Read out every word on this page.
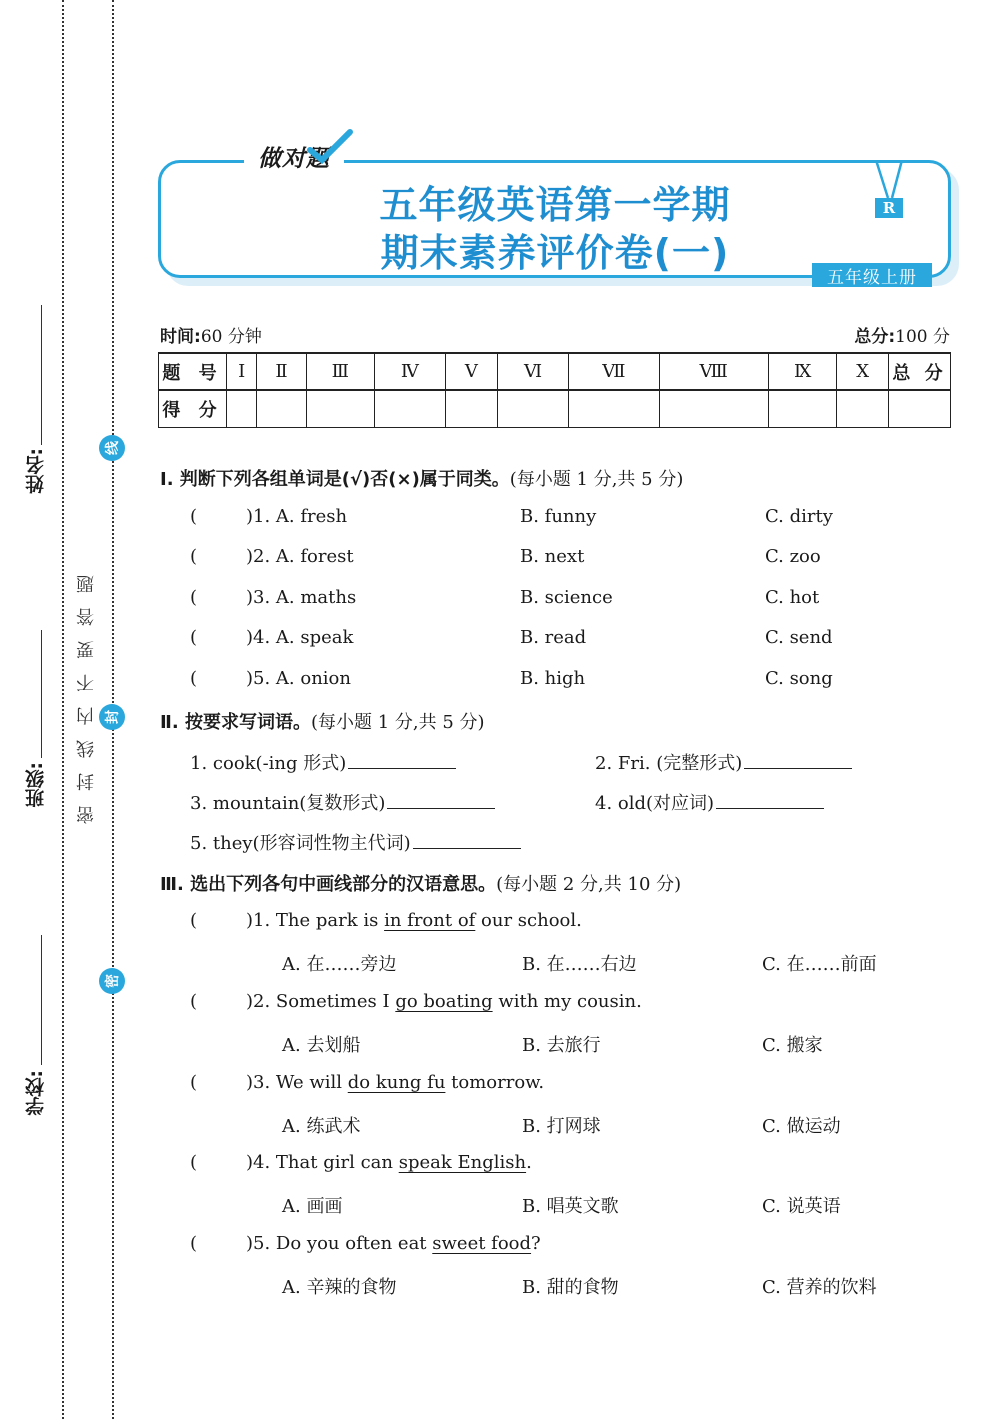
姓名:
班级:
学校:
密封线内不要答题
线
封
密
做对题
五年级英语第一学期
期末素养评价卷(一)
R
五年级上册
时间:60 分钟	总分:100 分
题 号	Ⅰ	Ⅱ	Ⅲ	Ⅳ	Ⅴ	Ⅵ	Ⅶ	Ⅷ	Ⅸ	Ⅹ	总 分
得 分											
Ⅰ. 判断下列各组单词是(√)否(×)属于同类。(每小题 1 分,共 5 分)
(	)1. A. fresh	B. funny	C. dirty
(	)2. A. forest	B. next	C. zoo
(	)3. A. maths	B. science	C. hot
(	)4. A. speak	B. read	C. send
(	)5. A. onion	B. high	C. song
Ⅱ. 按要求写词语。(每小题 1 分,共 5 分)
1. cook(-ing 形式)	2. Fri. (完整形式)
3. mountain(复数形式)	4. old(对应词)
5. they(形容词性物主代词)
Ⅲ. 选出下列各句中画线部分的汉语意思。(每小题 2 分,共 10 分)
(	)1. The park is in front of our school.
A. 在……旁边	B. 在……右边	C. 在……前面
(	)2. Sometimes I go boating with my cousin.
A. 去划船	B. 去旅行	C. 搬家
(	)3. We will do kung fu tomorrow.
A. 练武术	B. 打网球	C. 做运动
(	)4. That girl can speak English.
A. 画画	B. 唱英文歌	C. 说英语
(	)5. Do you often eat sweet food?
A. 辛辣的食物	B. 甜的食物	C. 营养的饮料
